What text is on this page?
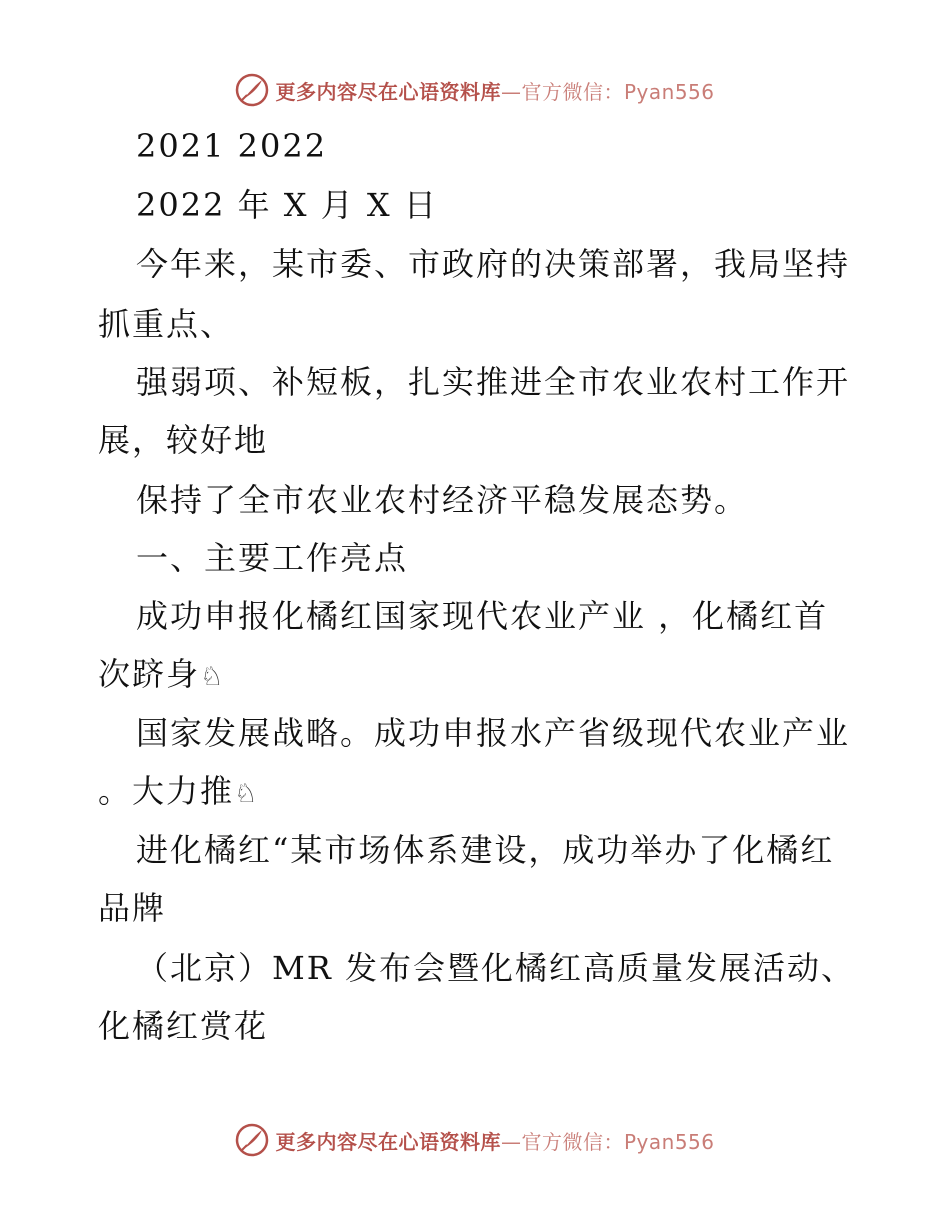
更多内容尽在心语资料库—官方微信：Pyan556
2021 2022
2022 年 X 月 X 日
今年来，某市委、市政府的决策部署，我局坚持
抓重点、
强弱项、补短板，扎实推进全市农业农村工作开
展，较好地
保持了全市农业农村经济平稳发展态势。
一、主要工作亮点
成功申报化橘红国家现代农业产业 ，化橘红首
次跻身♘
国家发展战略。成功申报水产省级现代农业产业
。大力推♘
进化橘红“某市场体系建设，成功举办了化橘红
品牌
（北京）MR 发布会暨化橘红高质量发展活动、
化橘红赏花
更多内容尽在心语资料库—官方微信：Pyan556
